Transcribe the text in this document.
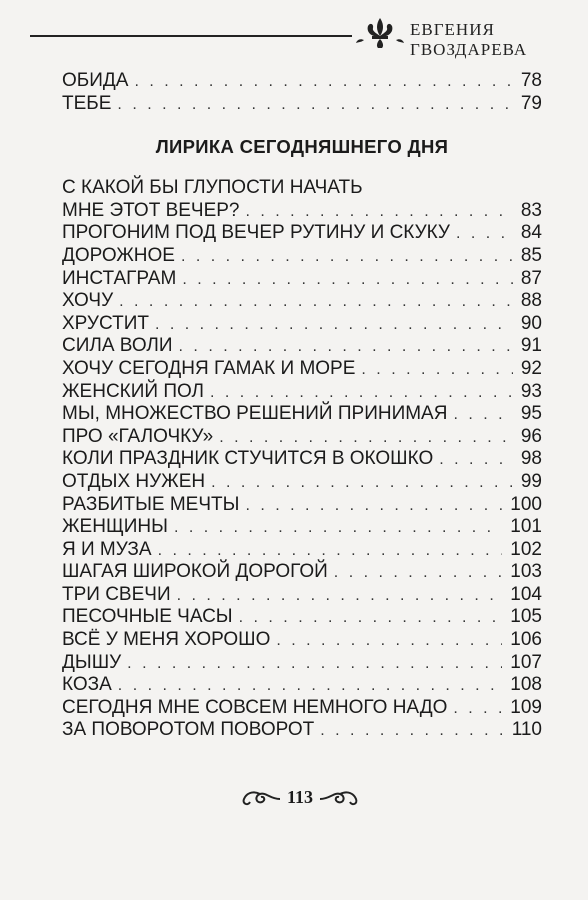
ЕВГЕНИЯ ГВОЗДАРЕВА
ОБИДА . . .	78
ТЕБЕ . . .	79
ЛИРИКА СЕГОДНЯШНЕГО ДНЯ
С КАКОЙ БЫ ГЛУПОСТИ НАЧАТЬ
МНЕ ЭТОТ ВЕЧЕР? . . .	83
ПРОГОНИМ ПОД ВЕЧЕР РУТИНУ И СКУКУ . . .	84
ДОРОЖНОЕ . . .	85
ИНСТАГРАМ . . .	87
ХОЧУ . . .	88
ХРУСТИТ . . .	90
СИЛА ВОЛИ . . .	91
ХОЧУ СЕГОДНЯ ГАМАК И МОРЕ . . .	92
ЖЕНСКИЙ ПОЛ . . .	93
МЫ, МНОЖЕСТВО РЕШЕНИЙ ПРИНИМАЯ . . .	95
ПРО «ГАЛОЧКУ» . . .	96
КОЛИ ПРАЗДНИК СТУЧИТСЯ В ОКОШКО . . .	98
ОТДЫХ НУЖЕН . . .	99
РАЗБИТЫЕ МЕЧТЫ . . .	100
ЖЕНЩИНЫ . . .	101
Я И МУЗА . . .	102
ШАГАЯ ШИРОКОЙ ДОРОГОЙ . . .	103
ТРИ СВЕЧИ . . .	104
ПЕСОЧНЫЕ ЧАСЫ . . .	105
ВСЁ У МЕНЯ ХОРОШО . . .	106
ДЫШУ . . .	107
КОЗА . . .	108
СЕГОДНЯ МНЕ СОВСЕМ НЕМНОГО НАДО . . .	109
ЗА ПОВОРОТОМ ПОВОРОТ . . .	110
113
